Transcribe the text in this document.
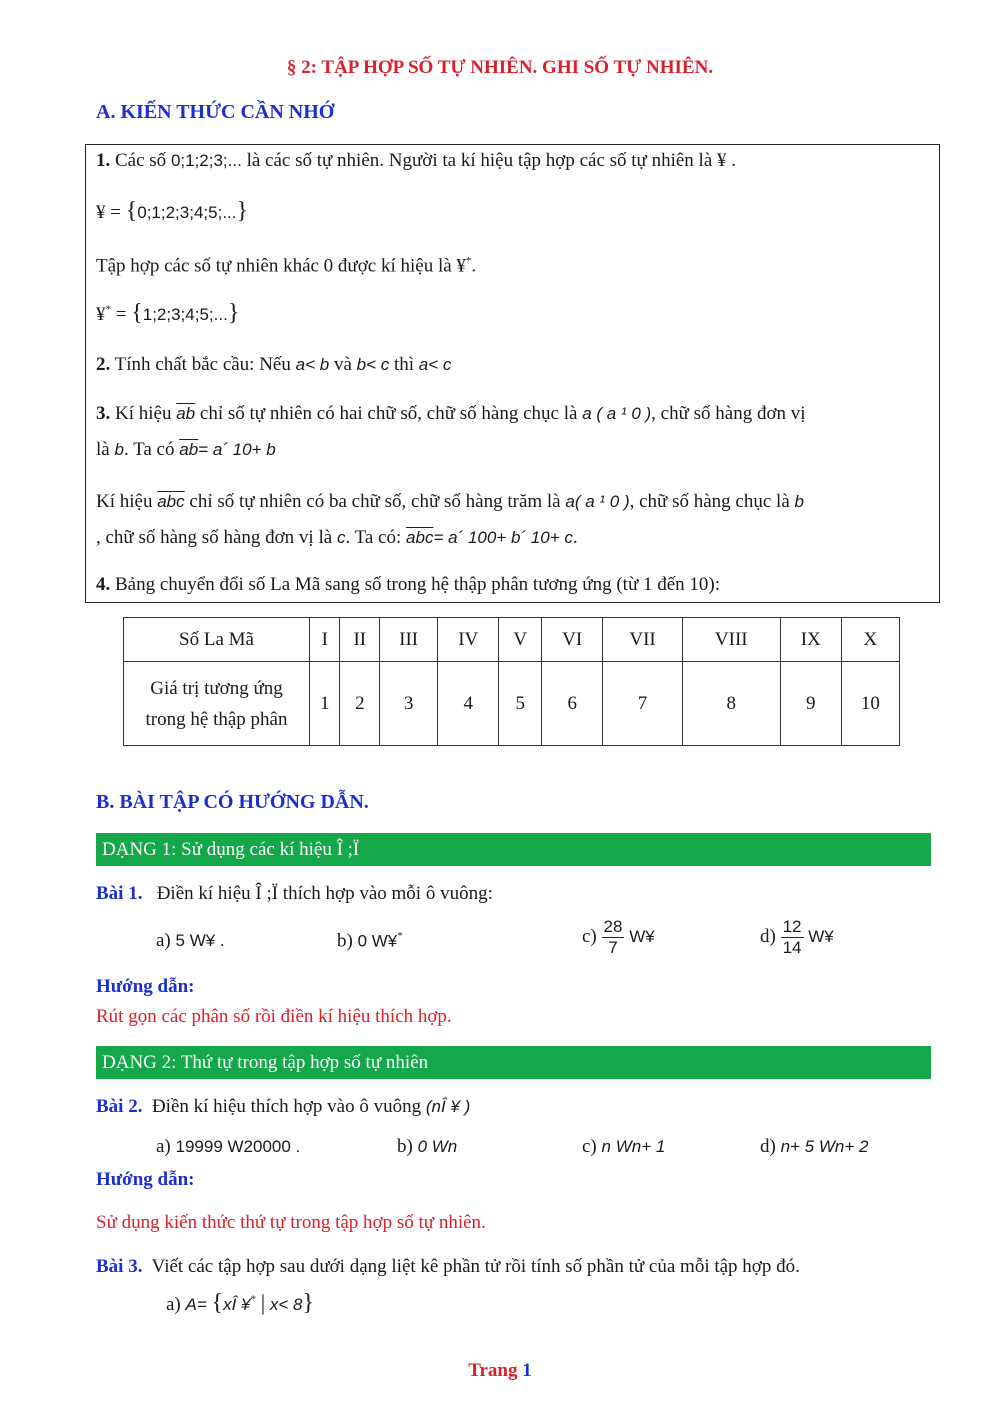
§ 2: TẬP HỢP SỐ TỰ NHIÊN. GHI SỐ TỰ NHIÊN.
A. KIẾN THỨC CẦN NHỚ
1. Các số 0;1;2;3;... là các số tự nhiên. Người ta kí hiệu tập hợp các số tự nhiên là ¥ .
¥ = {0;1;2;3;4;5;...}
Tập hợp các số tự nhiên khác 0 được kí hiệu là ¥*.
¥* = {1;2;3;4;5;...}
2. Tính chất bắc cầu: Nếu a< b và b< c thì a< c
3. Kí hiệu $\overline{ab}$ chỉ số tự nhiên có hai chữ số, chữ số hàng chục là a ( a ¹ 0 ), chữ số hàng đơn vị
là b. Ta có $\overline{ab}=$ a´ 10+ b
Kí hiệu $\overline{abc}$ chỉ số tự nhiên có ba chữ số, chữ số hàng trăm là a( a ¹ 0 ), chữ số hàng chục là b
, chữ số hàng số hàng đơn vị là c. Ta có: $\overline{abc}=$ a´ 100+ b´ 10+ c.
4. Bảng chuyển đổi số La Mã sang số trong hệ thập phân tương ứng (từ 1 đến 10):
Số La Mã	I	II	III	IV	V	VI	VII	VIII	IX	X
Giá trị tương ứng
trong hệ thập phân	1	2	3	4	5	6	7	8	9	10
B. BÀI TẬP CÓ HƯỚNG DẪN.
DẠNG 1: Sử dụng các kí hiệu Î ;Ï
Bài 1. Điền kí hiệu Î ;Ï thích hợp vào mỗi ô vuông:
a) 5 W¥ .	b) 0 W¥*	$c) \frac{28}{7}$ W¥	$d) \frac{12}{14}$ W¥
Hướng dẫn:
Rút gọn các phân số rồi điền kí hiệu thích hợp.
DẠNG 2: Thứ tự trong tập hợp số tự nhiên
Bài 2. Điền kí hiệu thích hợp vào ô vuông (nÎ ¥ )
a) 19999 W20000 .	b) 0 Wn	c) n Wn+ 1	d) n+ 5 Wn+ 2
Hướng dẫn:
Sử dụng kiến thức thứ tự trong tập hợp số tự nhiên.
Bài 3. Viết các tập hợp sau dưới dạng liệt kê phần tử rồi tính số phần tử của mỗi tập hợp đó.
a) A= {xÎ ¥* | x< 8}
Trang 1
